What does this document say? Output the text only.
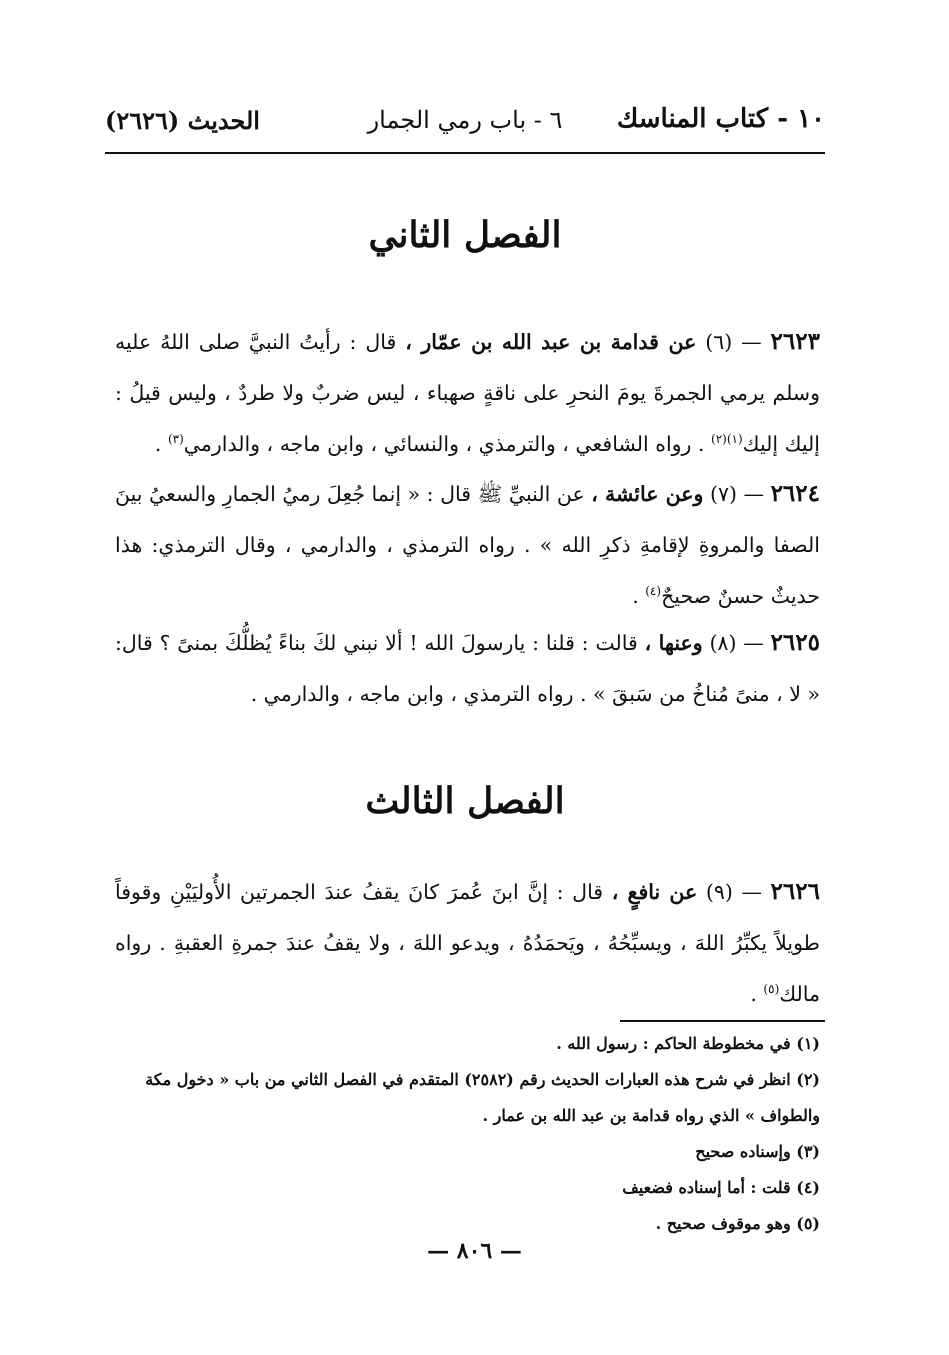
١٠ - كتاب المناسك
٦ - باب رمي الجمار
الحديث (٢٦٢٦)
الفصل الثاني
٢٦٢٣ — (٦) عن قدامة بن عبد الله بن عمّار ، قال : رأيتُ النبيَّ صلى اللهُ عليه وسلم يرمي الجمرةَ يومَ النحرِ على ناقةٍ صهباء ، ليس ضربٌ ولا طردٌ ، وليس قيلُ : إليك إليك$^{(١)(٢)}$ . رواه الشافعي ، والترمذي ، والنسائي ، وابن ماجه ، والدارمي$^{(٣)}$ .
٢٦٢٤ — (٧) وعن عائشة ، عن النبيِّ ﷺ قال : « إنما جُعِلَ رميُ الجمارِ والسعيُ بينَ الصفا والمروةِ لإقامةِ ذكرِ الله » . رواه الترمذي ، والدارمي ، وقال الترمذي: هذا حديثٌ حسنٌ صحيحٌ$^{(٤)}$ .
٢٦٢٥ — (٨) وعنها ، قالت : قلنا : يارسولَ الله ! ألا نبني لكَ بناءً يُظلُّكَ بمنىً ؟ قال: « لا ، منىً مُناخُ من سَبقَ » . رواه الترمذي ، وابن ماجه ، والدارمي .
الفصل الثالث
٢٦٢٦ — (٩) عن نافعٍ ، قال : إنَّ ابنَ عُمرَ كانَ يقفُ عندَ الجمرتين الأُوليَيْنِ وقوفاً طويلاً يكبِّرُ اللهَ ، ويسبِّحُهُ ، ويَحمَدُهُ ، ويدعو اللهَ ، ولا يقفُ عندَ جمرةِ العقبةِ . رواه مالك$^{(٥)}$ .

(١) في مخطوطة الحاكم : رسول الله .

(٢) انظر في شرح هذه العبارات الحديث رقم (٢٥٨٢) المتقدم في الفصل الثاني من باب « دخول مكة والطواف » الذي رواه قدامة بن عبد الله بن عمار .

(٣) وإسناده صحيح

(٤) قلت : أما إسناده فضعيف

(٥) وهو موقوف صحيح .

— ٨٠٦ —
